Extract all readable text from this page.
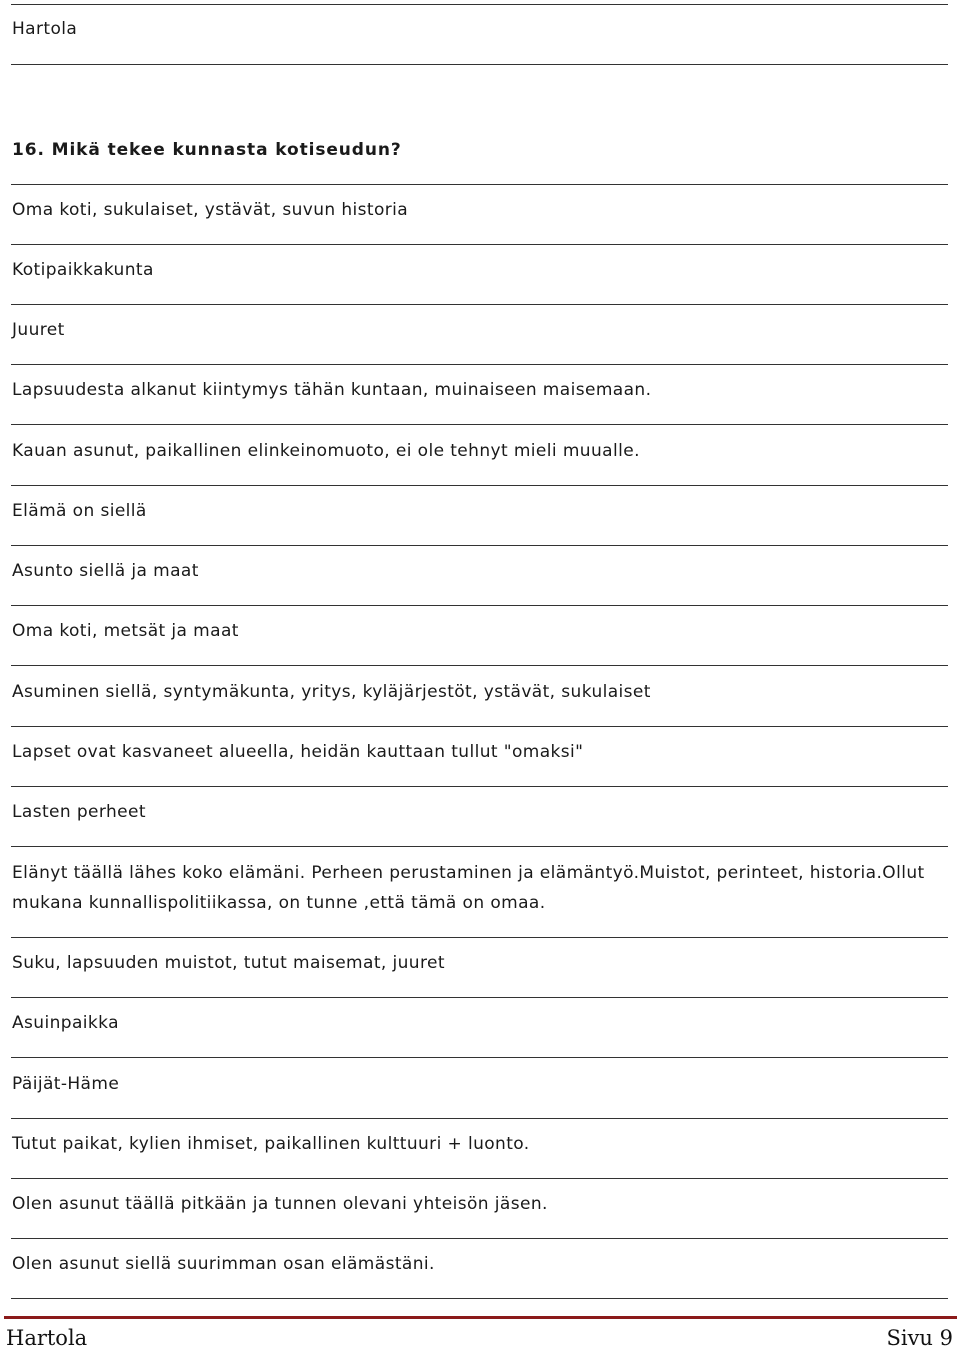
Hartola
16. Mikä tekee kunnasta kotiseudun?
Oma koti, sukulaiset, ystävät, suvun historia
Kotipaikkakunta
Juuret
Lapsuudesta alkanut kiintymys tähän kuntaan, muinaiseen maisemaan.
Kauan asunut, paikallinen elinkeinomuoto, ei ole tehnyt mieli muualle.
Elämä on siellä
Asunto siellä ja maat
Oma koti, metsät ja maat
Asuminen siellä, syntymäkunta, yritys, kyläjärjestöt, ystävät, sukulaiset
Lapset ovat kasvaneet alueella, heidän kauttaan tullut "omaksi"
Lasten perheet
Elänyt täällä lähes koko elämäni. Perheen perustaminen ja elämäntyö.Muistot, perinteet, historia.Ollut mukana kunnallispolitiikassa, on tunne ,että tämä on omaa.
Suku, lapsuuden muistot, tutut maisemat, juuret
Asuinpaikka
Päijät-Häme
Tutut paikat, kylien ihmiset, paikallinen kulttuuri + luonto.
Olen asunut täällä pitkään ja tunnen olevani yhteisön jäsen.
Olen asunut siellä suurimman osan elämästäni.
Hartola	Sivu 9
